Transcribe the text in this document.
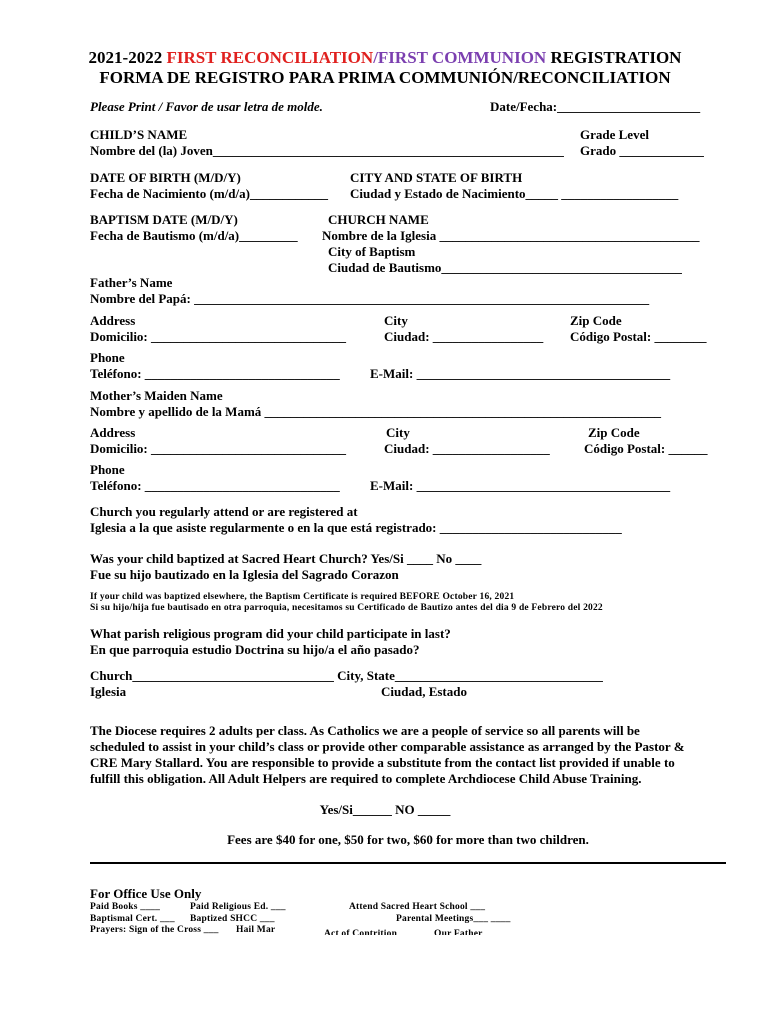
2021-2022 FIRST RECONCILIATION/FIRST COMMUNION REGISTRATION
FORMA DE REGISTRO PARA PRIMA COMMUNIÓN/RECONCILIATION
Please Print / Favor de usar letra de molde.	Date/Fecha:______________________
CHILD’S NAME
Nombre del (la) Joven______________________________________________________
Grade Level
Grado _____________
DATE OF BIRTH (M/D/Y)
Fecha de Nacimiento (m/d/a)____________
CITY AND STATE OF BIRTH
Ciudad y Estado de Nacimiento_____ __________________
BAPTISM DATE (M/D/Y)
Fecha de Bautismo (m/d/a)_________
CHURCH NAME
Nombre de la Iglesia ________________________________________
City of Baptism
Ciudad de Bautismo_____________________________________
Father’s Name
Nombre del Papá: ______________________________________________________________________
Address
Domicilio: ______________________________
City
Ciudad: _________________
Zip Code
Código Postal: ________
Phone
Teléfono: ______________________________ E-Mail: _______________________________________
Mother’s Maiden Name
Nombre y apellido de la Mamá _____________________________________________________________
Address
Domicilio: ______________________________
City
Ciudad: __________________
Zip Code
Código Postal: ______
Phone
Teléfono: ______________________________ E-Mail: _______________________________________
Church you regularly attend or are registered at
Iglesia a la que asiste regularmente o en la que está registrado: ____________________________
Was your child baptized at Sacred Heart Church? Yes/Si ____ No ____
Fue su hijo bautizado en la Iglesia del Sagrado Corazon
If your child was baptized elsewhere, the Baptism Certificate is required BEFORE October 16, 2021
Si su hijo/hija fue bautisado en otra parroquia, necesitamos su Certificado de Bautizo antes del dia 9 de Febrero del 2022
What parish religious program did your child participate in last?
En que parroquia estudio Doctrina su hijo/a el año pasado?
Church_______________________________ City, State________________________________
Iglesia	Ciudad, Estado
The Diocese requires 2 adults per class. As Catholics we are a people of service so all parents will be
scheduled to assist in your child’s class or provide other comparable assistance as arranged by the Pastor &
CRE Mary Stallard. You are responsible to provide a substitute from the contact list provided if unable to
fulfill this obligation. All Adult Helpers are required to complete Archdiocese Child Abuse Training.
Yes/Si______ NO _____
Fees are $40 for one, $50 for two, $60 for more than two children.
For Office Use Only
Paid Books ____	Paid Religious Ed. ___	Attend Sacred Heart School ___
Baptismal Cert. ___ Baptized SHCC ___	Parental Meetings___ ____
Prayers: Sign of the Cross ___ Hail Mar	Act of Contrition	Our Father
